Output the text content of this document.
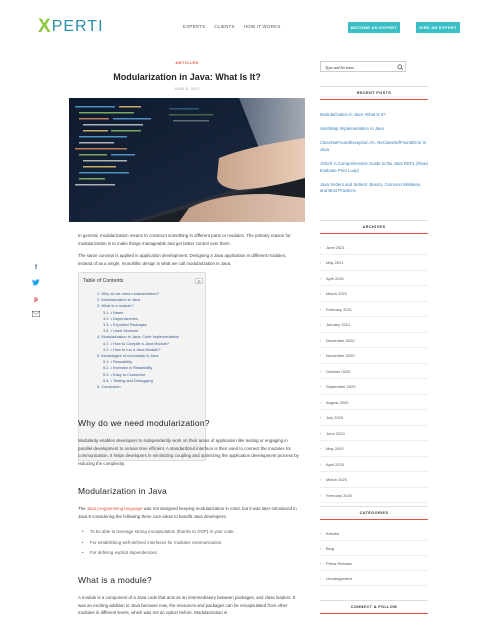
X PERTI	EXPERTS CLIENTS HOW IT WORKS	BECOME AN EXPERT	HIRE AN EXPERT
f
p
ARTICLES
Modularization in Java: What Is It?
JUNE 6, 2021

In general, modularization means to construct something in different parts or modules. The primary reason for modularization is to make things manageable and get better control over them.

The same concept is applied in application development. Designing a Java application in different modules, instead of as a single, monolithic design is what we call modularization in Java.

Table of Contents	☰
1. Why do we need modularization?
2. Modularization in Java
3. What is a module?
3.1. • Name
3.2. • Dependencies
3.3. • Exported Packages
3.4. • Used Services
4. Modularization in Java: Code Implementation
4.1. • How to Compile a Java Module?
4.2. • How to run a Java Module?
5. Advantages of modularity in Java
5.1. • Reusability
5.2. • Increase in Readability
5.3. • Easy to Customize
5.4. • Testing and Debugging
6. Conclusion
Why do we need modularization?

Modularity enables developers to independently work on their areas of application like testing or engaging in parallel development to remain time efficient. A standardized interface is then used to connect the modules for communication. It helps developers in minimizing coupling and optimizing the application development process by reducing the complexity.

Modularization in Java

The Java programming language was not designed keeping modularization in mind, but it was later introduced in Java 9 considering the following three core ideas to benefit Java developers:

• To be able to leverage strong encapsulation (thanks to OOP) in your code.
• For establishing well-defined interfaces for modules communication.
• For defining explicit dependencies.
What is a module?

A module is a component of a Java code that acts as an intermediatory between packages, and class loaders. It was an exciting addition to Java because now, the resources and packages can be encapsulated from other modules in different levels, which was not an option before. Modularization in

Type and hit enter...
RECENT POSTS
Modularization in Java: What Is It?
HashMap Implementation in Java
ClassNotFoundException Vs. NoClassDefFoundError in Java
JShell: A Comprehensive Guide to the Java REPL (Read Evaluate Print Loop)
Java Setters and Setters: Basics, Common Mistakes, and Best Practices
ARCHIVES
› June 2021
› May 2021
› April 2021
› March 2021
› February 2021
› January 2021
› December 2020
› November 2020
› October 2020
› September 2020
› August 2020
› July 2020
› June 2020
› May 2020
› April 2020
› March 2020
› February 2020
CATEGORIES
› Articles
› Blog
› Press Release
› Uncategorized
CONNECT & FOLLOW
